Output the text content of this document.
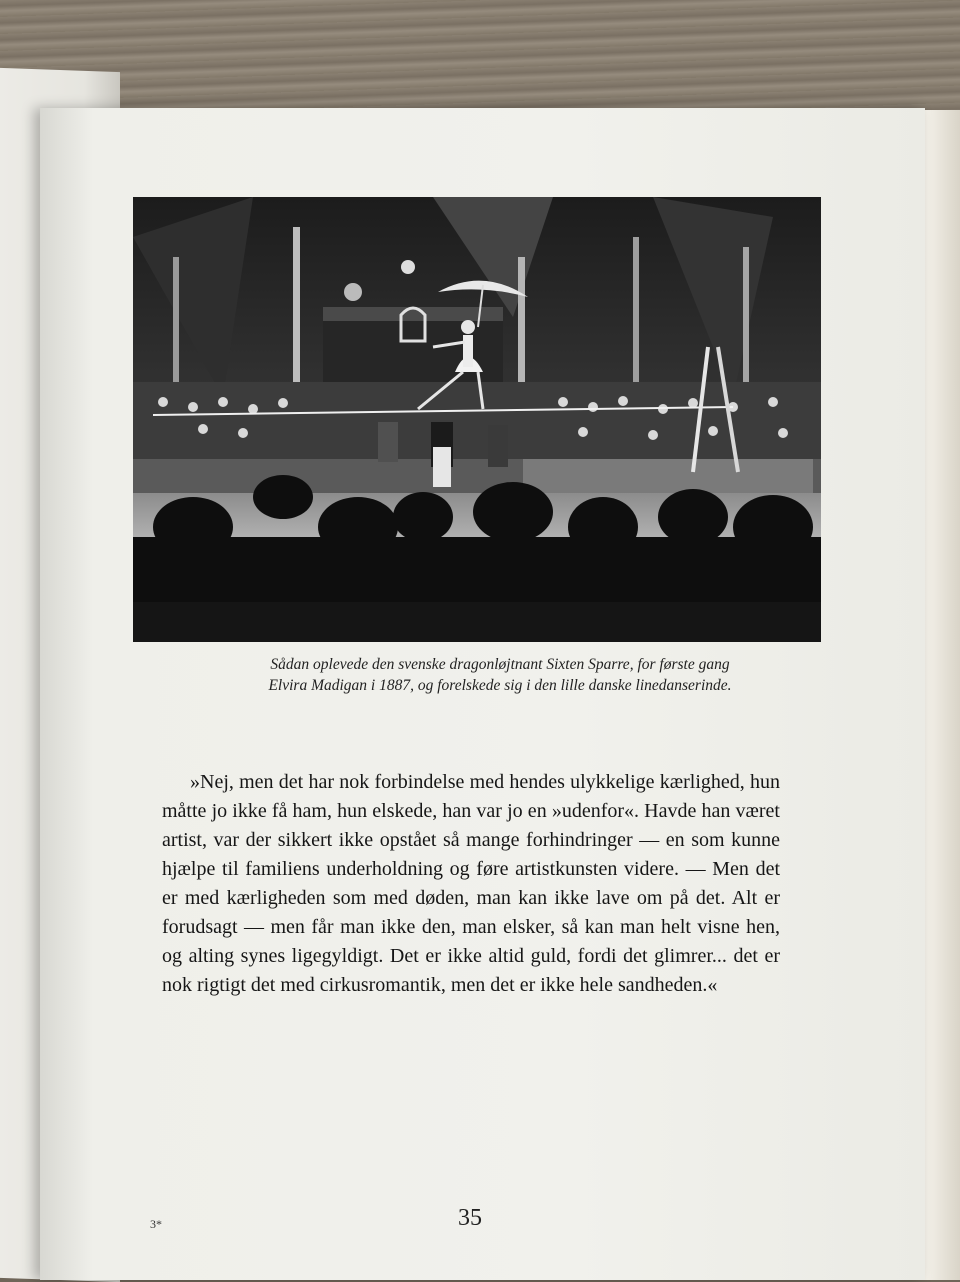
Sådan oplevede den svenske dragonløjtnant Sixten Sparre, for første gang
Elvira Madigan i 1887, og forelskede sig i den lille danske linedanserinde.

»Nej, men det har nok forbindelse med hendes ulykkelige kærlighed, hun måtte jo ikke få ham, hun elskede, han var jo en »udenfor«. Havde han været artist, var der sikkert ikke opstået så mange forhindringer — en som kunne hjælpe til familiens underholdning og føre artistkunsten videre. — Men det er med kærligheden som med døden, man kan ikke lave om på det. Alt er forudsagt — men får man ikke den, man elsker, så kan man helt visne hen, og alting synes ligegyldigt. Det er ikke altid guld, fordi det glimrer... det er nok rigtigt det med cirkusromantik, men det er ikke hele sandheden.«

3*	35
